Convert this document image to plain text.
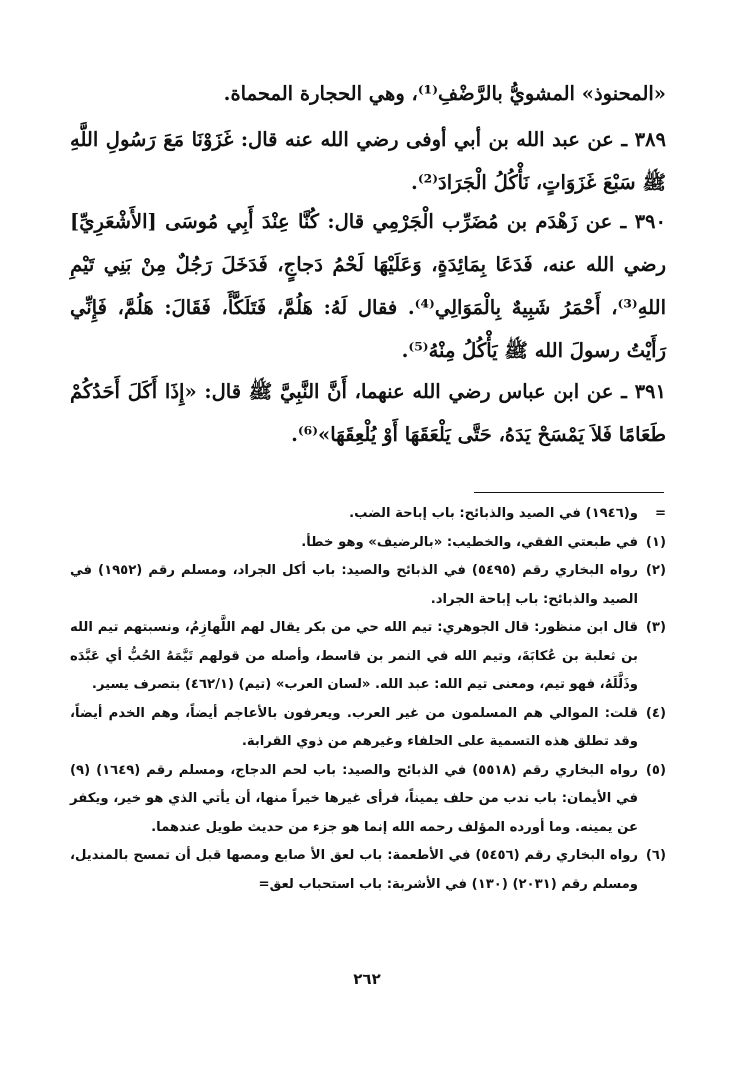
«المحنوذ» المشويُّ بالرَّضْفِ⁽¹⁾، وهي الحجارة المحماة.
٣٨٩ ـ عن عبد الله بن أبي أوفى رضي الله عنه قال: غَزَوْنَا مَعَ رَسُولِ اللَّهِ ﷺ سَبْعَ غَزَوَاتٍ، نَأْكُلُ الْجَرَادَ⁽²⁾.
٣٩٠ ـ عن زَهْدَم بن مُضَرِّب الْجَرْمِي قال: كُنَّا عِنْدَ أَبِي مُوسَى [الأَشْعَرِيِّ] رضي الله عنه، فَدَعَا بِمَائِدَةٍ، وَعَلَيْهَا لَحْمُ دَجاجٍ، فَدَخَلَ رَجُلٌ مِنْ بَنِي تَيْمِ اللهِ⁽³⁾، أَحْمَرُ شَبِيهٌ بِالْمَوَالِي⁽⁴⁾. فقال لَهُ: هَلُمَّ، فَتَلَكَّأَ، فَقَالَ: هَلُمَّ، فَإِنِّي رَأَيْتُ رسولَ الله ﷺ يَأْكُلُ مِنْهُ⁽⁵⁾.
٣٩١ ـ عن ابن عباس رضي الله عنهما، أَنَّ النَّبِيَّ ﷺ قال: «إِذَا أَكَلَ أَحَدُكُمْ طَعَامًا فَلاَ يَمْسَحْ يَدَهُ، حَتَّى يَلْعَقَهَا أَوْ يُلْعِقَهَا»⁽⁶⁾.

=و(١٩٤٦) في الصيد والذبائح: باب إباحة الضب.

(١)في طبعتي الفقي، والخطيب: «بالرضيف» وهو خطأ.

(٢)رواه البخاري رقم (٥٤٩٥) في الذبائح والصيد: باب أكل الجراد، ومسلم رقم (١٩٥٢) في الصيد والذبائح: باب إباحة الجراد.

(٣)قال ابن منظور: قال الجوهري: تيم الله حي من بكر يقال لهم اللَّهازِمُ، ونسبتهم تيم الله بن ثعلبة بن عُكابَةَ، وتيم الله في النمر بن قاسط، وأصله من قولهم تَيَّمَهُ الحُبُّ أي عَبَّدَه وذَلَّلَهُ، فهو تيم، ومعنى تيم الله: عبد الله. «لسان العرب» (تيم) (٤٦٢/١) بتصرف يسير.

(٤)قلت: الموالي هم المسلمون من غير العرب. ويعرفون بالأعاجم أيضاً، وهم الخدم أيضاً، وقد تطلق هذه التسمية على الحلفاء وغيرهم من ذوي القرابة.

(٥)رواه البخاري رقم (٥٥١٨) في الذبائح والصيد: باب لحم الدجاج، ومسلم رقم (١٦٤٩) (٩) في الأيمان: باب ندب من حلف يميناً، فرأى غيرها خيراً منها، أن يأتي الذي هو خير، ويكفر عن يمينه. وما أورده المؤلف رحمه الله إنما هو جزء من حديث طويل عندهما.

(٦)رواه البخاري رقم (٥٤٥٦) في الأطعمة: باب لعق الأ صابع ومصها قبل أن تمسح بالمنديل، ومسلم رقم (٢٠٣١) (١٣٠) في الأشربة: باب استحباب لعق=

٢٦٢
